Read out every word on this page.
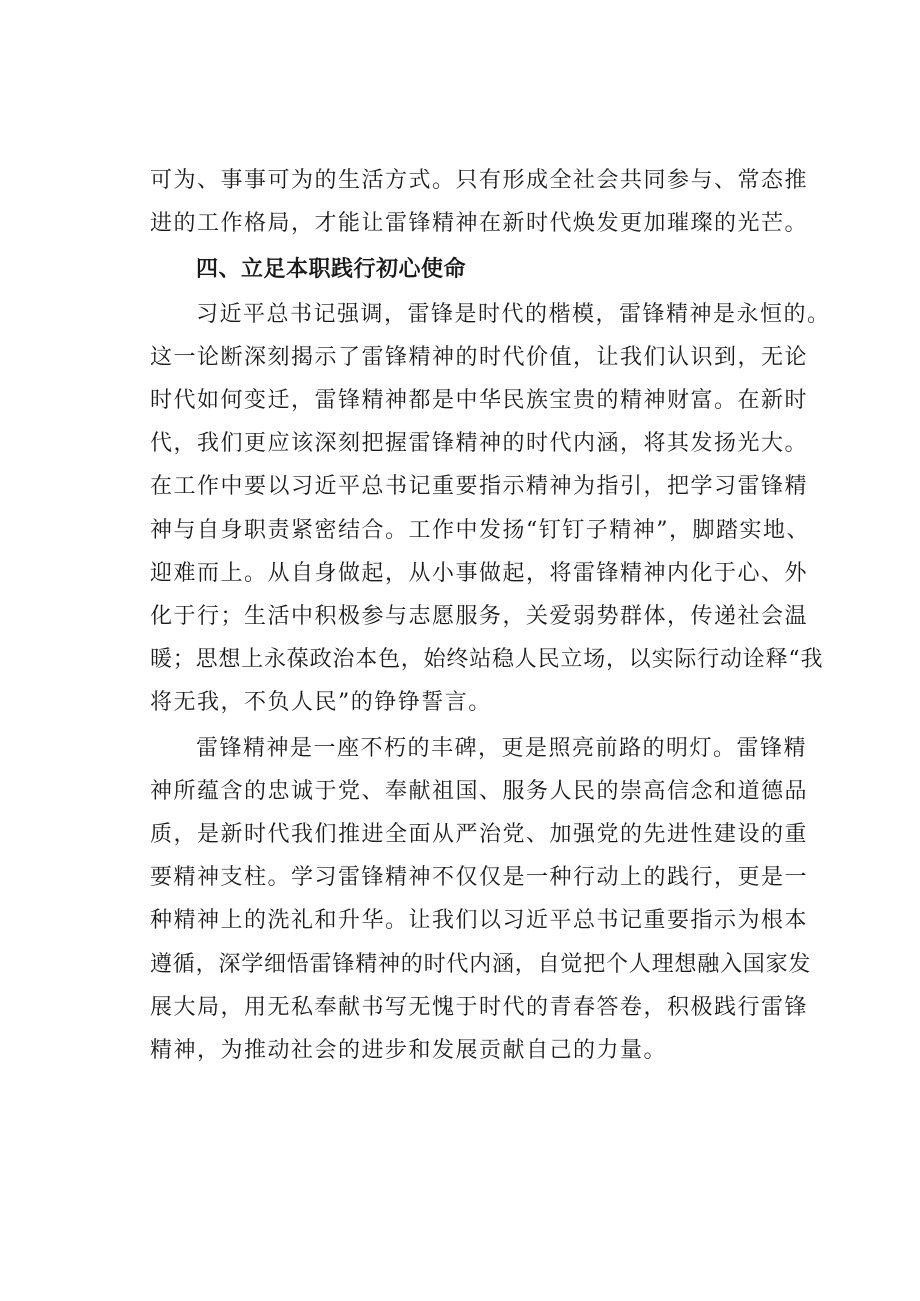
可为、事事可为的生活方式。只有形成全社会共同参与、常态推
进的工作格局，才能让雷锋精神在新时代焕发更加璀璨的光芒。
四、立足本职践行初心使命
习近平总书记强调，雷锋是时代的楷模，雷锋精神是永恒的。
这一论断深刻揭示了雷锋精神的时代价值，让我们认识到，无论
时代如何变迁，雷锋精神都是中华民族宝贵的精神财富。在新时
代，我们更应该深刻把握雷锋精神的时代内涵，将其发扬光大。
在工作中要以习近平总书记重要指示精神为指引，把学习雷锋精
神与自身职责紧密结合。工作中发扬“钉钉子精神”，脚踏实地、
迎难而上。从自身做起，从小事做起，将雷锋精神内化于心、外
化于行；生活中积极参与志愿服务，关爱弱势群体，传递社会温
暖；思想上永葆政治本色，始终站稳人民立场，以实际行动诠释“我
将无我，不负人民”的铮铮誓言。
雷锋精神是一座不朽的丰碑，更是照亮前路的明灯。雷锋精
神所蕴含的忠诚于党、奉献祖国、服务人民的崇高信念和道德品
质，是新时代我们推进全面从严治党、加强党的先进性建设的重
要精神支柱。学习雷锋精神不仅仅是一种行动上的践行，更是一
种精神上的洗礼和升华。让我们以习近平总书记重要指示为根本
遵循，深学细悟雷锋精神的时代内涵，自觉把个人理想融入国家发
展大局，用无私奉献书写无愧于时代的青春答卷，积极践行雷锋
精神，为推动社会的进步和发展贡献自己的力量。
